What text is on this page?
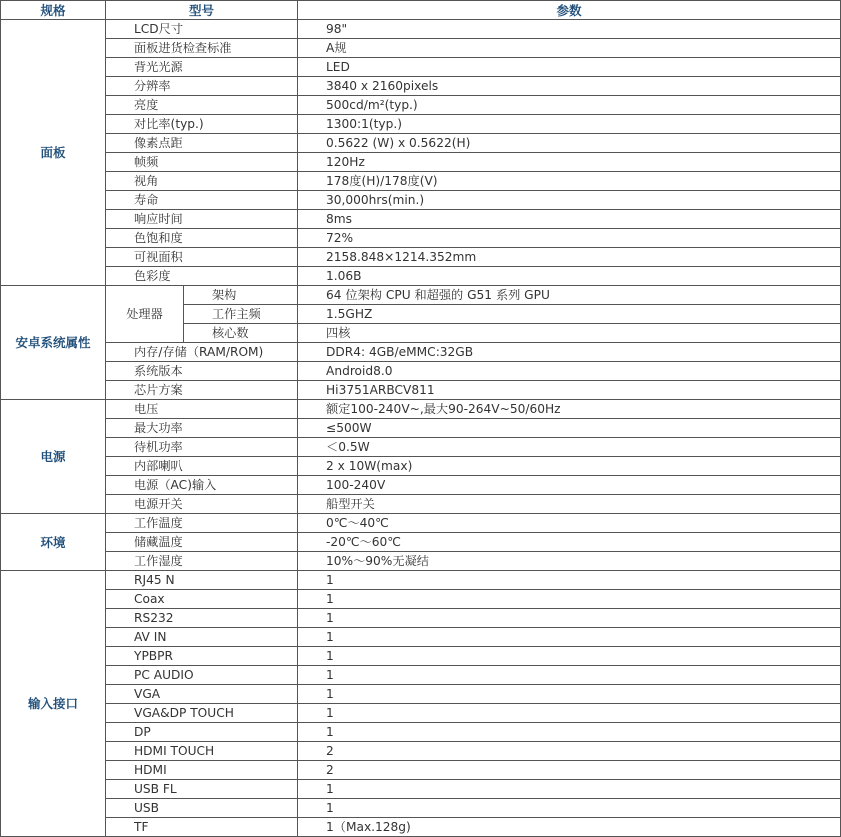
规格	型号		参数
面板	LCD尺寸		98"
	面板进货检查标准		A规
	背光光源		LED
	分辨率		3840 x 2160pixels
	亮度		500cd/m²(typ.)
	对比率(typ.)		1300:1(typ.)
	像素点距		0.5622 (W) x 0.5622(H)
	帧频		120Hz
	视角		178度(H)/178度(V)
	寿命		30,000hrs(min.)
	响应时间		8ms
	色饱和度		72%
	可视面积		2158.848×1214.352mm
	色彩度		1.06B
安卓系统属性	处理器	架构	64 位架构 CPU 和超强的 G51 系列 GPU
		工作主频	1.5GHZ
		核心数	四核
	内存/存储（RAM/ROM)		DDR4: 4GB/eMMC:32GB
	系统版本		Android8.0
	芯片方案		Hi3751ARBCV811
电源	电压		额定100-240V~,最大90-264V~50/60Hz
	最大功率		≤500W
	待机功率		＜0.5W
	内部喇叭		2 x 10W(max)
	电源（AC)输入		100-240V
	电源开关		船型开关
环境	工作温度		0℃～40℃
	储藏温度		-20℃～60℃
	工作湿度		10%～90%无凝结
输入接口	RJ45 N		1
	Coax		1
	RS232		1
	AV IN		1
	YPBPR		1
	PC AUDIO		1
	VGA		1
	VGA&DP TOUCH		1
	DP		1
	HDMI TOUCH		2
	HDMI		2
	USB FL		1
	USB		1
	TF		1（Max.128g)
